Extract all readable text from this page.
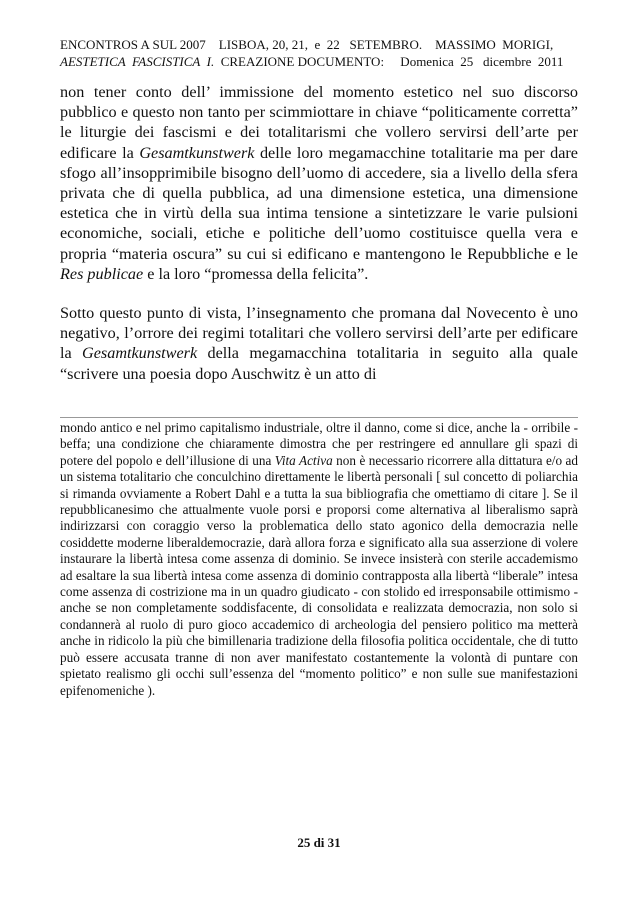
ENCONTROS A SUL 2007    LISBOA, 20, 21,  e  22   SETEMBRO.    MASSIMO  MORIGI,
AESTETICA  FASCISTICA  I.  CREAZIONE DOCUMENTO:     Domenica  25   dicembre  2011

non tener conto dell’ immissione del momento estetico nel suo discorso pubblico e questo non tanto per scimmiottare in chiave “politicamente corretta” le liturgie dei fascismi e dei totalitarismi che vollero servirsi dell’arte per edificare la Gesamtkunstwerk delle loro megamacchine totalitarie ma per dare sfogo all’insopprimibile bisogno dell’uomo di accedere, sia a livello della sfera privata che di quella pubblica, ad una dimensione estetica, una dimensione estetica che in virtù della sua intima tensione a sintetizzare le varie pulsioni economiche, sociali, etiche e politiche dell’uomo costituisce quella vera e propria “materia oscura” su cui si edificano e mantengono le Repubbliche e le Res publicae e la loro “promessa della felicita”.

Sotto questo punto di vista, l’insegnamento che promana dal Novecento è uno negativo, l’orrore dei regimi totalitari che vollero servirsi dell’arte per edificare la Gesamtkunstwerk della megamacchina totalitaria in seguito alla quale “scrivere una poesia dopo Auschwitz è un atto di

mondo antico e nel primo capitalismo industriale, oltre il danno, come si dice, anche la - orribile - beffa; una condizione che chiaramente dimostra che per restringere ed annullare gli spazi di potere del popolo e dell’illusione di una Vita Activa non è necessario ricorrere alla dittatura e/o ad un sistema totalitario che conculchino direttamente le libertà personali [ sul concetto di poliarchia si rimanda ovviamente a Robert Dahl e a tutta la sua bibliografia che omettiamo di citare ]. Se il repubblicanesimo che attualmente vuole porsi e proporsi come alternativa al liberalismo saprà indirizzarsi con coraggio verso la problematica dello stato agonico della democrazia nelle cosiddette moderne liberaldemocrazie, darà allora forza e significato alla sua asserzione di volere instaurare la libertà intesa come assenza di dominio. Se invece insisterà con sterile accademismo ad esaltare la sua libertà intesa come assenza di dominio contrapposta alla libertà “liberale” intesa come assenza di costrizione ma in un quadro giudicato - con stolido ed irresponsabile ottimismo - anche se non completamente soddisfacente, di consolidata e realizzata democrazia, non solo si condannerà al ruolo di puro gioco accademico di archeologia del pensiero politico ma metterà anche in ridicolo la più che bimillenaria tradizione della filosofia politica occidentale, che di tutto può essere accusata tranne di non aver manifestato costantemente la volontà di puntare con spietato realismo gli occhi sull’essenza del “momento politico” e non sulle sue manifestazioni epifenomeniche ).

25 di 31
